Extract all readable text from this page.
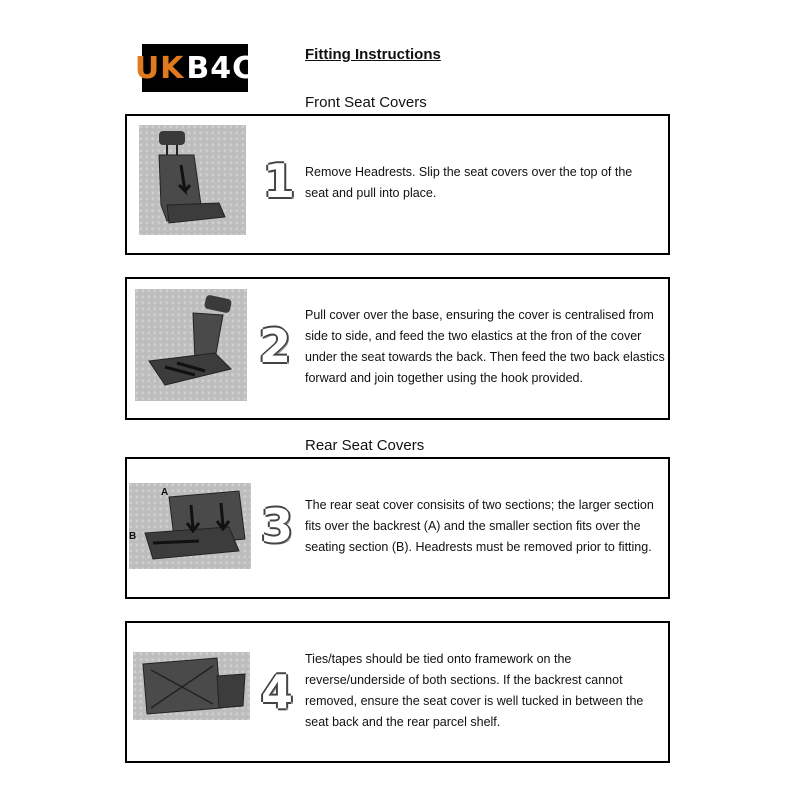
UK B4C	Fitting Instructions
Front Seat Covers
1 Remove Headrests. Slip the seat covers over the top of the seat and pull into place.
2
Pull cover over the base, ensuring the cover is centralised from side to side, and feed the two elastics at the fron of the cover under the seat towards the back. Then feed the two back elastics forward and join together using the hook provided.
Rear Seat Covers
A
B	3 The rear seat cover consisits of two sections; the larger section fits over the backrest (A) and the smaller section fits over the seating section (B). Headrests must be removed prior to fitting.
4
Ties/tapes should be tied onto framework on the reverse/underside of both sections. If the backrest cannot removed, ensure the seat cover is well tucked in between the seat back and the rear parcel shelf.
